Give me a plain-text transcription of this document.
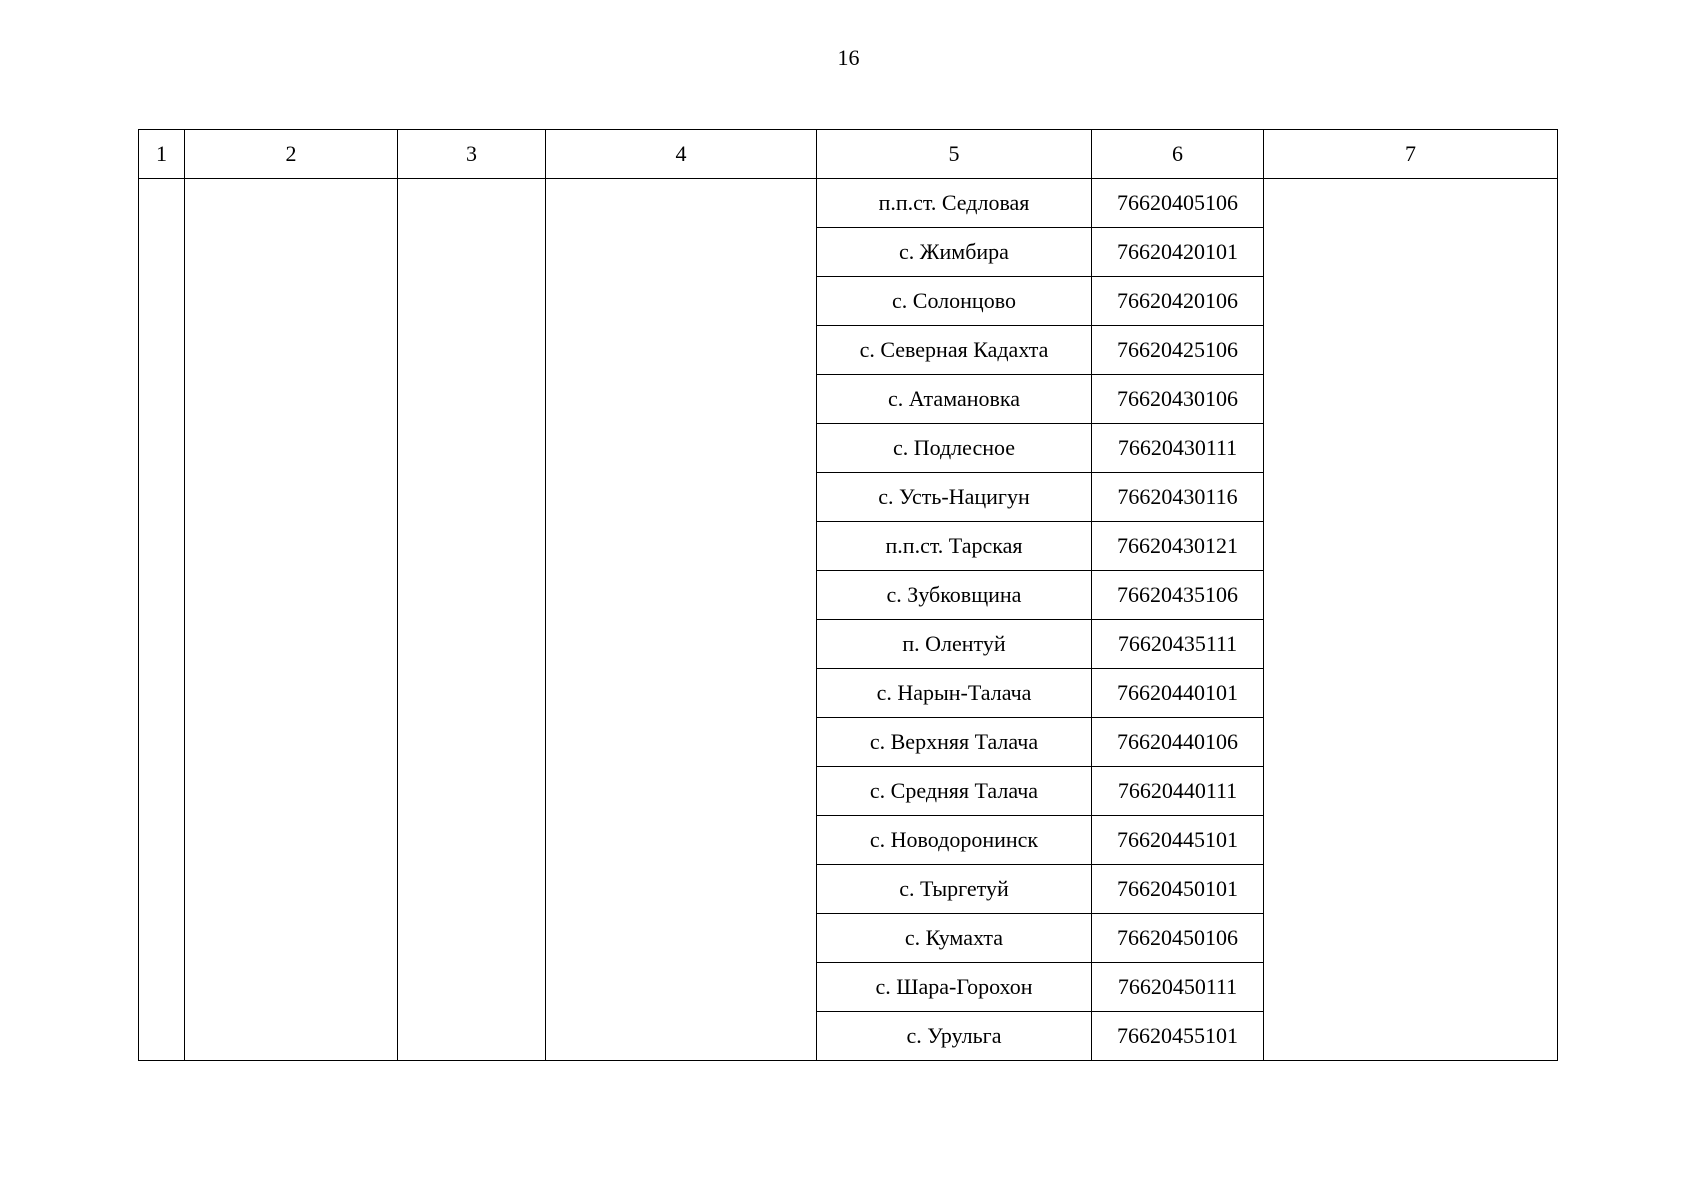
16
1	2	3	4	5	6	7
				п.п.ст. Седловая	76620405106	
				с. Жимбира	76620420101	
				с. Солонцово	76620420106	
				с. Северная Кадахта	76620425106	
				с. Атамановка	76620430106	
				с. Подлесное	76620430111	
				с. Усть-Нацигун	76620430116	
				п.п.ст. Тарская	76620430121	
				с. Зубковщина	76620435106	
				п. Олентуй	76620435111	
				с. Нарын-Талача	76620440101	
				с. Верхняя Талача	76620440106	
				с. Средняя Талача	76620440111	
				с. Новодоронинск	76620445101	
				с. Тыргетуй	76620450101	
				с. Кумахта	76620450106	
				с. Шара-Горохон	76620450111	
				с. Урульга	76620455101	
